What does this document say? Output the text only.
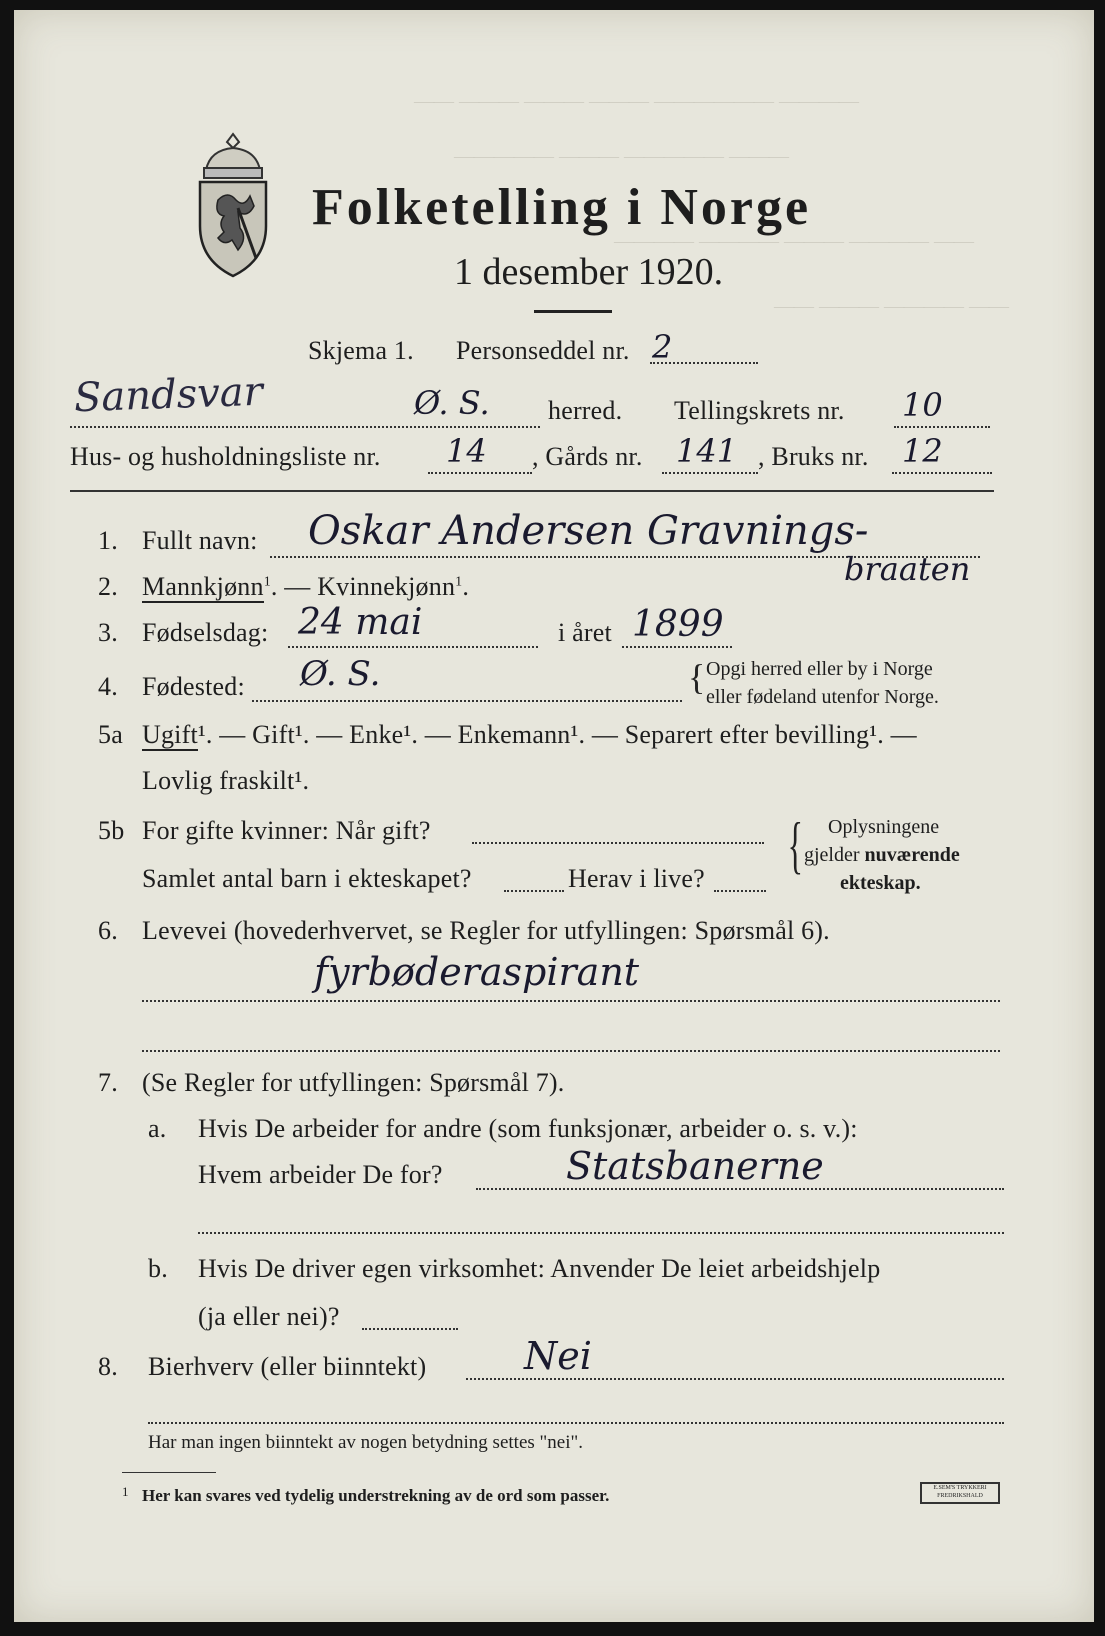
—— ——— ——— ——— —————— ————
————— ——— ————— ———
———— ———— ——— ———— ——
—— ——— ———— ——
Folketelling i Norge
1 desember 1920.
Skjema 1. Personseddel nr. 2
Sandsvar	Ø. S. herred. Tellingskrets nr. 10
Hus- og husholdningsliste nr. 14 , Gårds nr. 141 , Bruks nr. 12
1. Fullt navn: Oskar Andersen Gravnings-
braaten
2. Mannkjønn$^1$. — Kvinnekjønn$^1$.
3. Fødselsdag: 24 mai	i året 1899
4. Fødested: Ø. S.	{ Opgi herred eller by i Norge
eller fødeland utenfor Norge.
5a Ugift¹. — Gift¹. — Enke¹. — Enkemann¹. — Separert efter bevilling¹. —
Lovlig fraskilt¹.
5b For gifte kvinner: Når gift?
Samlet antal barn i ekteskapet?	Herav i live? { Oplysningene
gjelder nuværende
ekteskap.
6. Levevei (hovederhvervet, se Regler for utfyllingen: Spørsmål 6).
fyrbøderaspirant
7. (Se Regler for utfyllingen: Spørsmål 7).
a. Hvis De arbeider for andre (som funksjonær, arbeider o. s. v.):
Hvem arbeider De for?	Statsbanerne
b. Hvis De driver egen virksomhet: Anvender De leiet arbeidshjelp
(ja eller nei)?
8. Bierhverv (eller biinntekt)	Nei
Har man ingen biinntekt av nogen betydning settes "nei".
1 Her kan svares ved tydelig understrekning av de ord som passer.	E.SEM'S TRYKKERI FREDRIKSHALD
